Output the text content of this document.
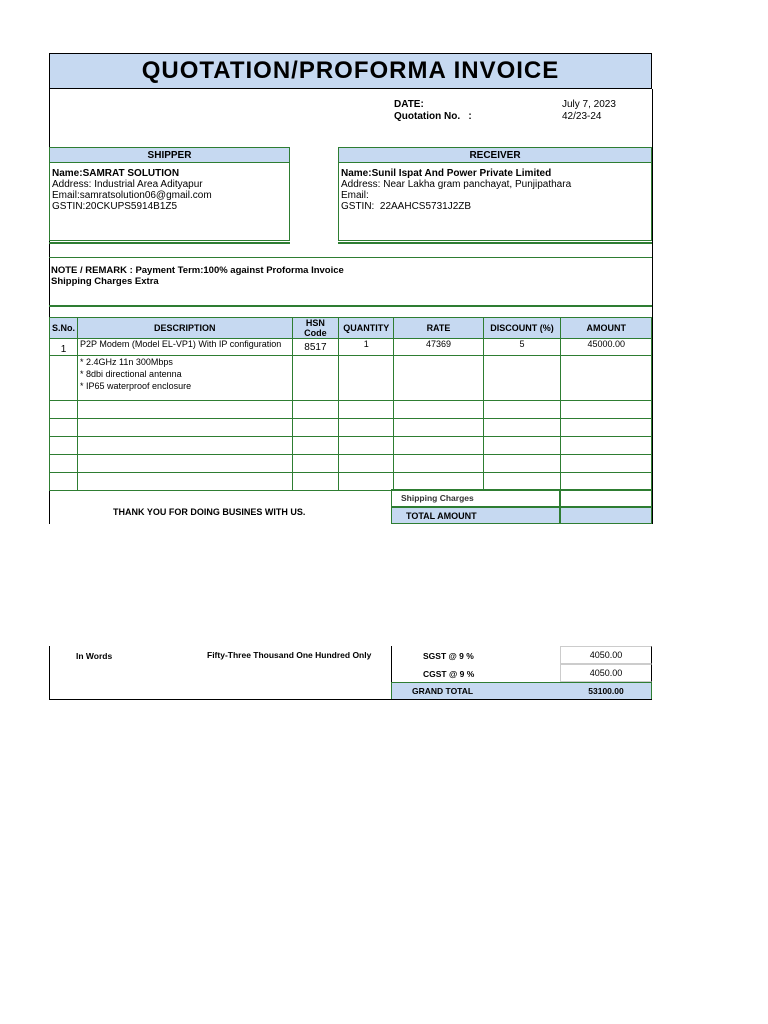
QUOTATION/PROFORMA INVOICE
DATE:	July 7, 2023
Quotation No.   :	42/23-24
SHIPPER
Name:SAMRAT SOLUTION
Address: Industrial Area Adityapur
Email:samratsolution06@gmail.com
GSTIN:20CKUPS5914B1Z5
RECEIVER
Name:Sunil Ispat And Power Private Limited
Address: Near Lakha gram panchayat, Punjipathara
Email:
GSTIN:  22AAHCS5731J2ZB
NOTE / REMARK : Payment Term:100% against Proforma Invoice
Shipping Charges Extra
S.No.	DESCRIPTION	HSN Code	QUANTITY	RATE	DISCOUNT (%)	AMOUNT
1	P2P Modem (Model EL-VP1) With IP configuration	8517	1	47369	5	45000.00

	* 2.4GHz 11n 300Mbps
* 8dbi directional antenna
* IP65 waterproof enclosure					

THANK YOU FOR DOING BUSINES WITH US.
Shipping Charges
TOTAL AMOUNT
In Words	Fifty-Three Thousand One Hundred Only	SGST @ 9 %	4050.00
CGST @ 9 %	4050.00
GRAND TOTAL	53100.00
